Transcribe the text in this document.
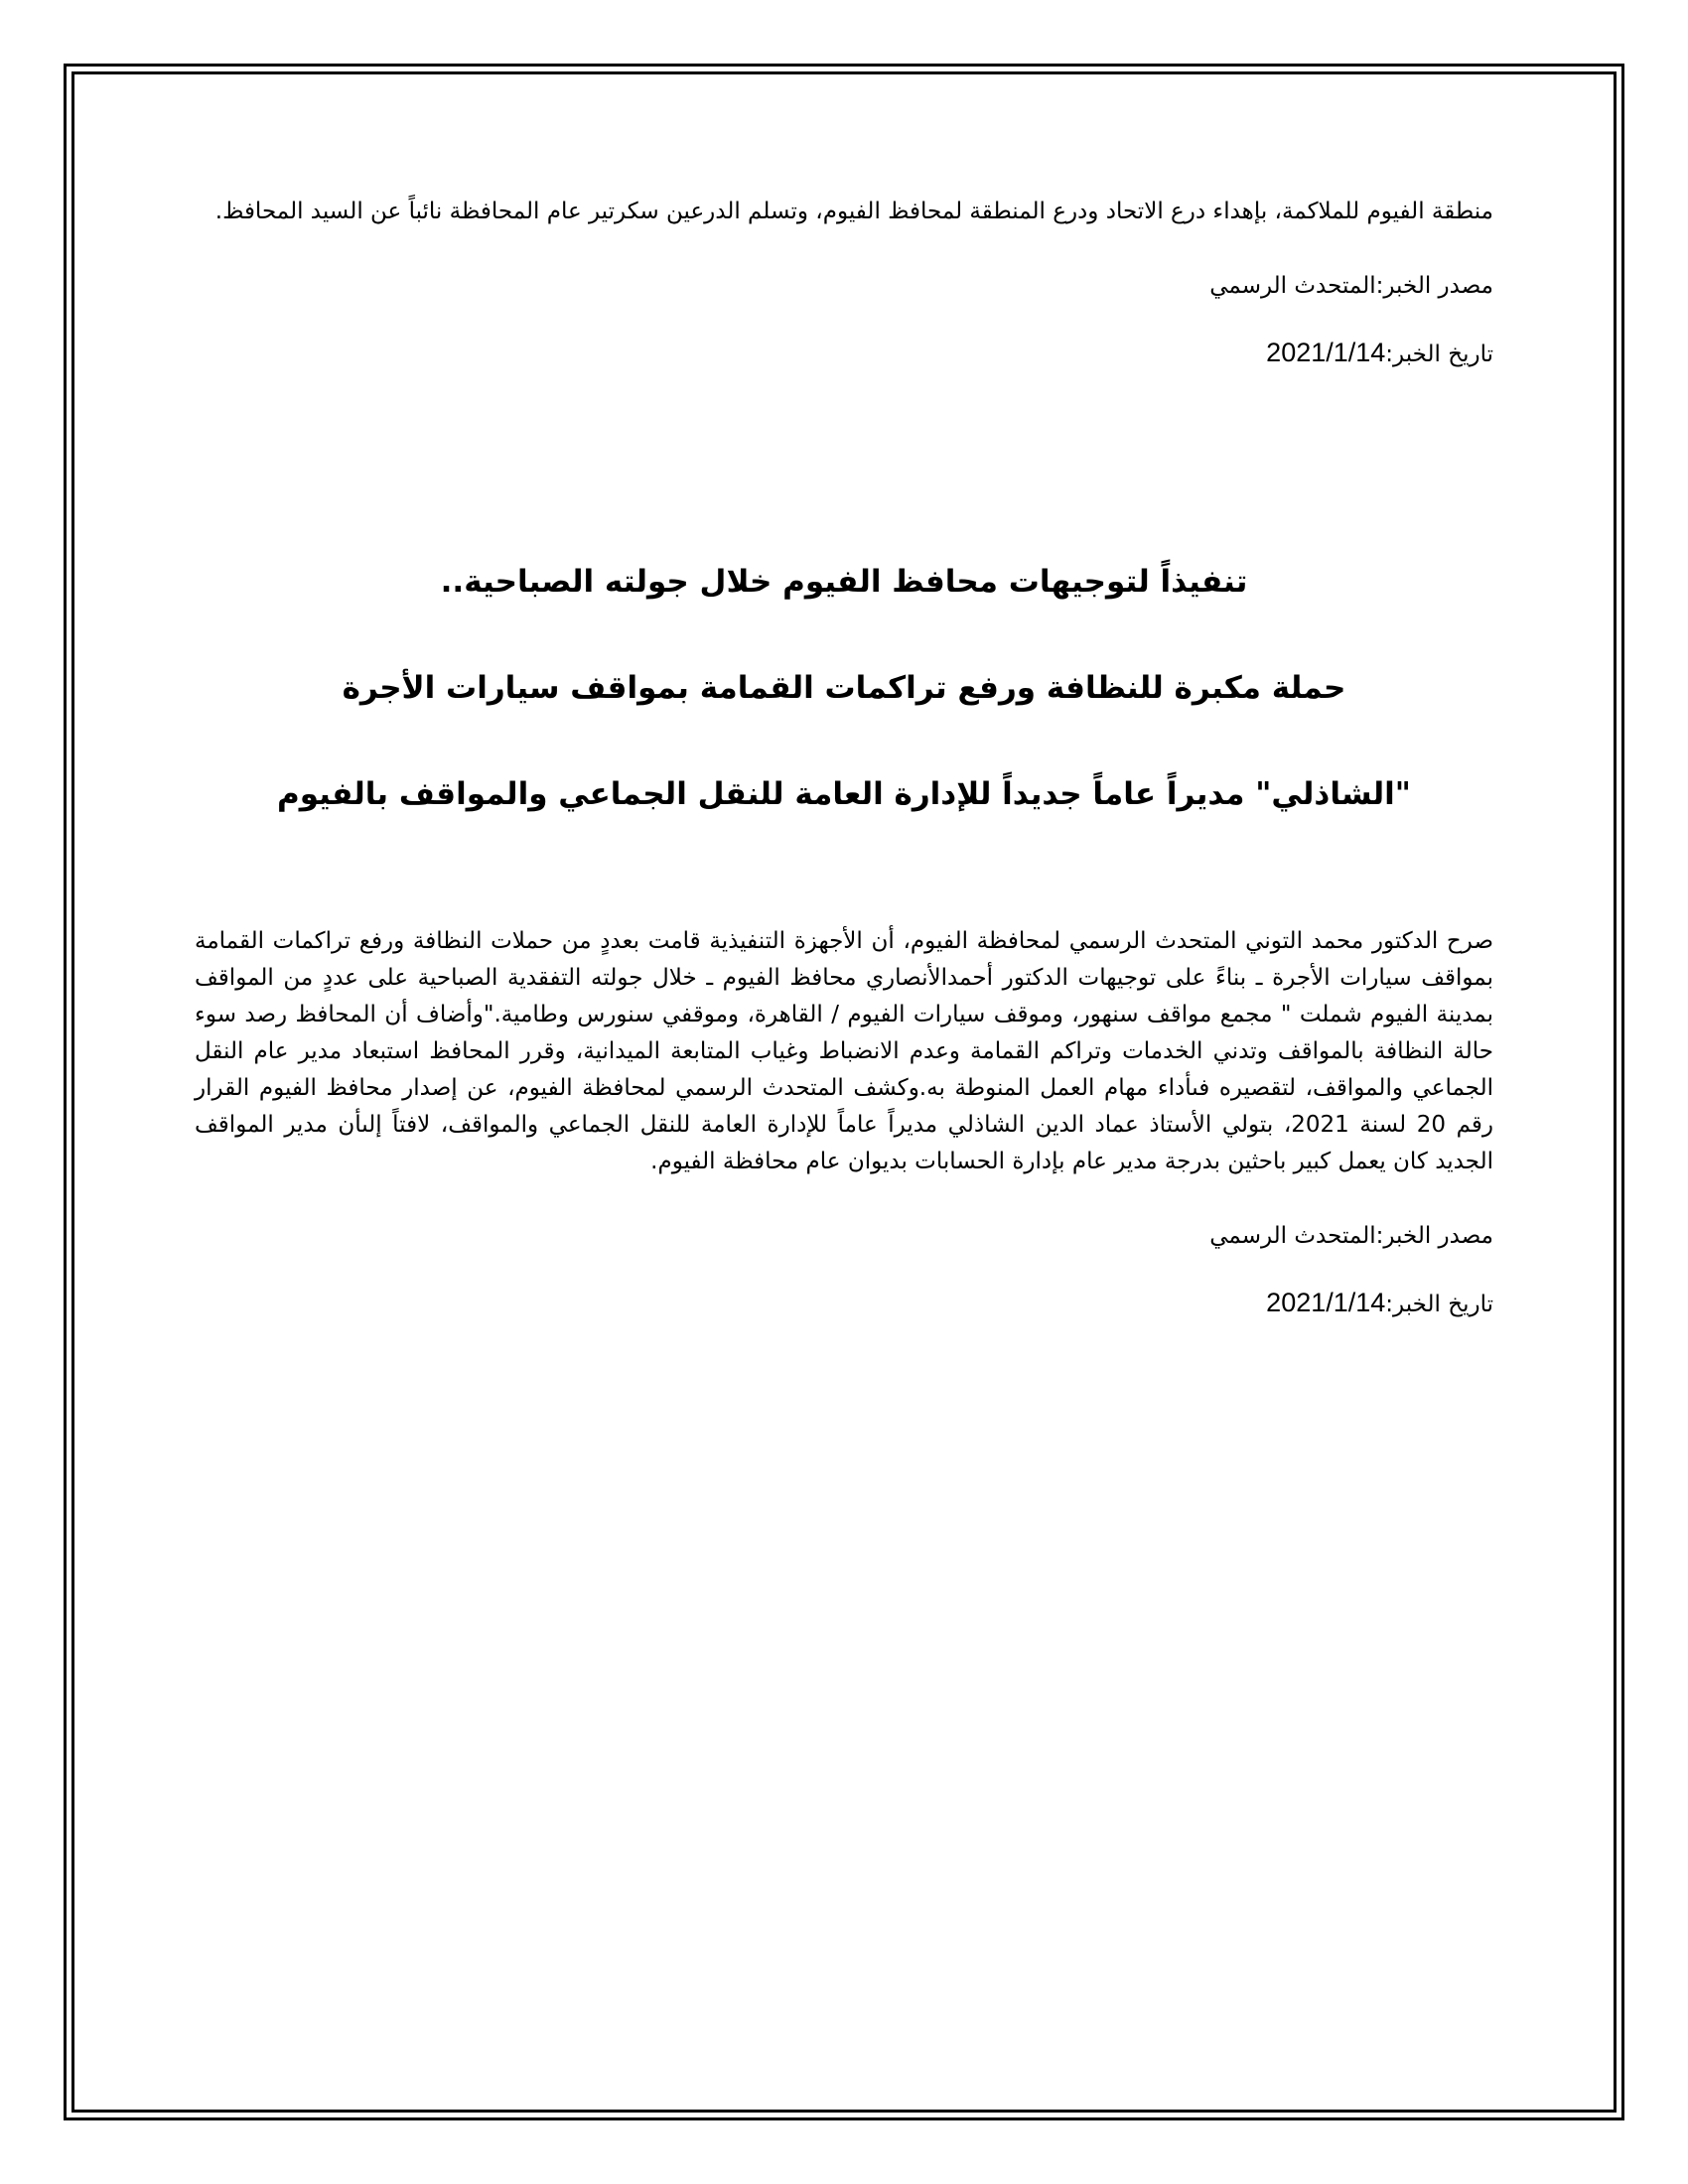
منطقة الفيوم للملاكمة، بإهداء درع الاتحاد ودرع المنطقة لمحافظ الفيوم، وتسلم الدرعين سكرتير عام المحافظة نائباً عن السيد المحافظ.

مصدر الخبر:المتحدث الرسمي

تاريخ الخبر:2021/1/14

تنفيذاً لتوجيهات محافظ الفيوم خلال جولته الصباحية..

حملة مكبرة للنظافة ورفع تراكمات القمامة بمواقف سيارات الأجرة

"الشاذلي" مديراً عاماً جديداً للإدارة العامة للنقل الجماعي والمواقف بالفيوم

صرح الدكتور محمد التوني المتحدث الرسمي لمحافظة الفيوم، أن الأجهزة التنفيذية قامت بعددٍ من حملات النظافة ورفع تراكمات القمامة بمواقف سيارات الأجرة ـ بناءً على توجيهات الدكتور أحمدالأنصاري محافظ الفيوم ـ خلال جولته التفقدية الصباحية على عددٍ من المواقف بمدينة الفيوم شملت " مجمع مواقف سنهور، وموقف سيارات الفيوم / القاهرة، وموقفي سنورس وطامية."وأضاف أن المحافظ رصد سوء حالة النظافة بالمواقف وتدني الخدمات وتراكم القمامة وعدم الانضباط وغياب المتابعة الميدانية، وقرر المحافظ استبعاد مدير عام النقل الجماعي والمواقف، لتقصيره فىأداء مهام العمل المنوطة به.وكشف المتحدث الرسمي لمحافظة الفيوم، عن إصدار محافظ الفيوم القرار رقم 20 لسنة 2021، بتولي الأستاذ عماد الدين الشاذلي مديراً عاماً للإدارة العامة للنقل الجماعي والمواقف، لافتاً إلىأن مدير المواقف الجديد كان يعمل كبير باحثين بدرجة مدير عام بإدارة الحسابات بديوان عام محافظة الفيوم.

مصدر الخبر:المتحدث الرسمي

تاريخ الخبر:2021/1/14
